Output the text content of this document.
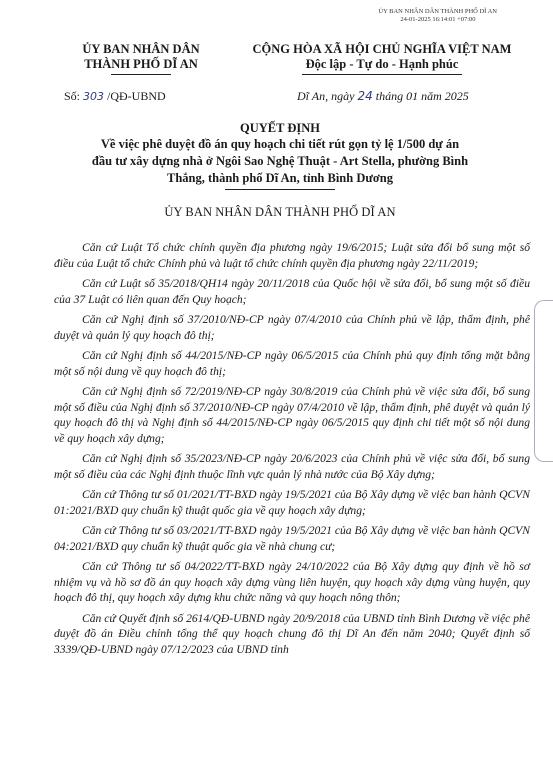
ỦY BAN NHÂN DÂN THÀNH PHỐ DĨ AN
24-01-2025 16:14:01 +07:00
ỦY BAN NHÂN DÂN
THÀNH PHỐ DĨ AN
CỘNG HÒA XÃ HỘI CHỦ NGHĨA VIỆT NAM
Độc lập - Tự do - Hạnh phúc
Số: 303 /QĐ-UBND	Dĩ An, ngày 24 tháng 01 năm 2025
QUYẾT ĐỊNH
Về việc phê duyệt đồ án quy hoạch chi tiết rút gọn tỷ lệ 1/500 dự án
đầu tư xây dựng nhà ở Ngôi Sao Nghệ Thuật - Art Stella, phường Bình
Thắng, thành phố Dĩ An, tỉnh Bình Dương
ỦY BAN NHÂN DÂN THÀNH PHỐ DĨ AN

Căn cứ Luật Tổ chức chính quyền địa phương ngày 19/6/2015; Luật sửa đổi bổ sung một số điều của Luật tổ chức Chính phủ và luật tổ chức chính quyền địa phương ngày 22/11/2019;

Căn cứ Luật số 35/2018/QH14 ngày 20/11/2018 của Quốc hội về sửa đổi, bổ sung một số điều của 37 Luật có liên quan đến Quy hoạch;

Căn cứ Nghị định số 37/2010/NĐ-CP ngày 07/4/2010 của Chính phủ về lập, thẩm định, phê duyệt và quản lý quy hoạch đô thị;

Căn cứ Nghị định số 44/2015/NĐ-CP ngày 06/5/2015 của Chính phủ quy định tổng mặt bằng một số nội dung về quy hoạch đô thị;

Căn cứ Nghị định số 72/2019/NĐ-CP ngày 30/8/2019 của Chính phủ về việc sửa đổi, bổ sung một số điều của Nghị định số 37/2010/NĐ-CP ngày 07/4/2010 về lập, thẩm định, phê duyệt và quản lý quy hoạch đô thị và Nghị định số 44/2015/NĐ-CP ngày 06/5/2015 quy định chi tiết một số nội dung về quy hoạch xây dựng;

Căn cứ Nghị định số 35/2023/NĐ-CP ngày 20/6/2023 của Chính phủ về việc sửa đổi, bổ sung một số điều của các Nghị định thuộc lĩnh vực quản lý nhà nước của Bộ Xây dựng;

Căn cứ Thông tư số 01/2021/TT-BXD ngày 19/5/2021 của Bộ Xây dựng về việc ban hành QCVN 01:2021/BXD quy chuẩn kỹ thuật quốc gia về quy hoạch xây dựng;

Căn cứ Thông tư số 03/2021/TT-BXD ngày 19/5/2021 của Bộ Xây dựng về việc ban hành QCVN 04:2021/BXD quy chuẩn kỹ thuật quốc gia về nhà chung cư;

Căn cứ Thông tư số 04/2022/TT-BXD ngày 24/10/2022 của Bộ Xây dựng quy định về hồ sơ nhiệm vụ và hồ sơ đồ án quy hoạch xây dựng vùng liên huyện, quy hoạch xây dựng vùng huyện, quy hoạch đô thị, quy hoạch xây dựng khu chức năng và quy hoạch nông thôn;

Căn cứ Quyết định số 2614/QĐ-UBND ngày 20/9/2018 của UBND tỉnh Bình Dương về việc phê duyệt đồ án Điều chỉnh tổng thể quy hoạch chung đô thị Dĩ An đến năm 2040; Quyết định số 3339/QĐ-UBND ngày 07/12/2023 của UBND tỉnh
